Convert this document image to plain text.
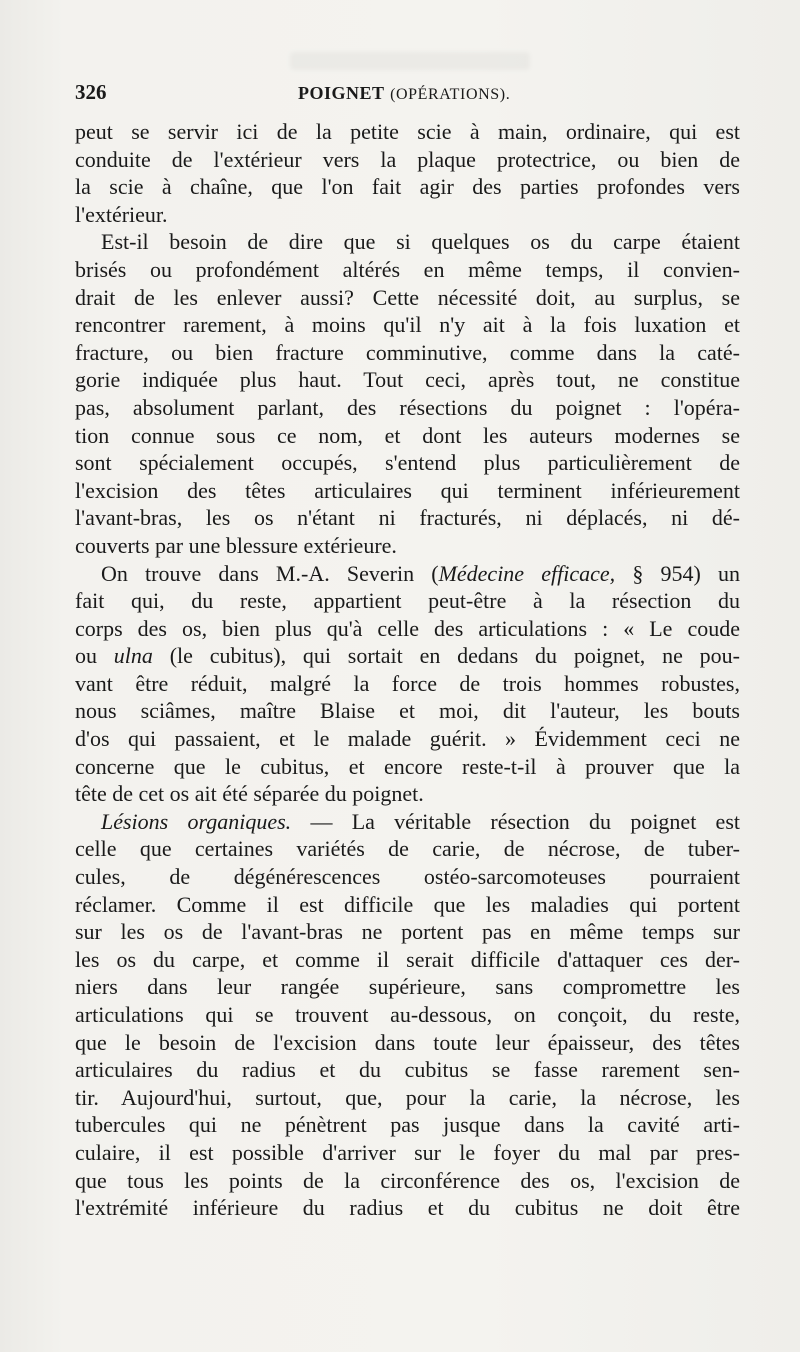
326	POIGNET (OPÉRATIONS).
peut se servir ici de la petite scie à main, ordinaire, qui est
conduite de l'extérieur vers la plaque protectrice, ou bien de
la scie à chaîne, que l'on fait agir des parties profondes vers
l'extérieur.
Est-il besoin de dire que si quelques os du carpe étaient
brisés ou profondément altérés en même temps, il convien-
drait de les enlever aussi? Cette nécessité doit, au surplus, se
rencontrer rarement, à moins qu'il n'y ait à la fois luxation et
fracture, ou bien fracture comminutive, comme dans la caté-
gorie indiquée plus haut. Tout ceci, après tout, ne constitue
pas, absolument parlant, des résections du poignet : l'opéra-
tion connue sous ce nom, et dont les auteurs modernes se
sont spécialement occupés, s'entend plus particulièrement de
l'excision des têtes articulaires qui terminent inférieurement
l'avant-bras, les os n'étant ni fracturés, ni déplacés, ni dé-
couverts par une blessure extérieure.
On trouve dans M.-A. Severin (Médecine efficace, § 954) un
fait qui, du reste, appartient peut-être à la résection du
corps des os, bien plus qu'à celle des articulations : « Le coude
ou ulna (le cubitus), qui sortait en dedans du poignet, ne pou-
vant être réduit, malgré la force de trois hommes robustes,
nous sciâmes, maître Blaise et moi, dit l'auteur, les bouts
d'os qui passaient, et le malade guérit. » Évidemment ceci ne
concerne que le cubitus, et encore reste-t-il à prouver que la
tête de cet os ait été séparée du poignet.
Lésions organiques. — La véritable résection du poignet est
celle que certaines variétés de carie, de nécrose, de tuber-
cules, de dégénérescences ostéo-sarcomoteuses pourraient
réclamer. Comme il est difficile que les maladies qui portent
sur les os de l'avant-bras ne portent pas en même temps sur
les os du carpe, et comme il serait difficile d'attaquer ces der-
niers dans leur rangée supérieure, sans compromettre les
articulations qui se trouvent au-dessous, on conçoit, du reste,
que le besoin de l'excision dans toute leur épaisseur, des têtes
articulaires du radius et du cubitus se fasse rarement sen-
tir. Aujourd'hui, surtout, que, pour la carie, la nécrose, les
tubercules qui ne pénètrent pas jusque dans la cavité arti-
culaire, il est possible d'arriver sur le foyer du mal par pres-
que tous les points de la circonférence des os, l'excision de
l'extrémité inférieure du radius et du cubitus ne doit être
